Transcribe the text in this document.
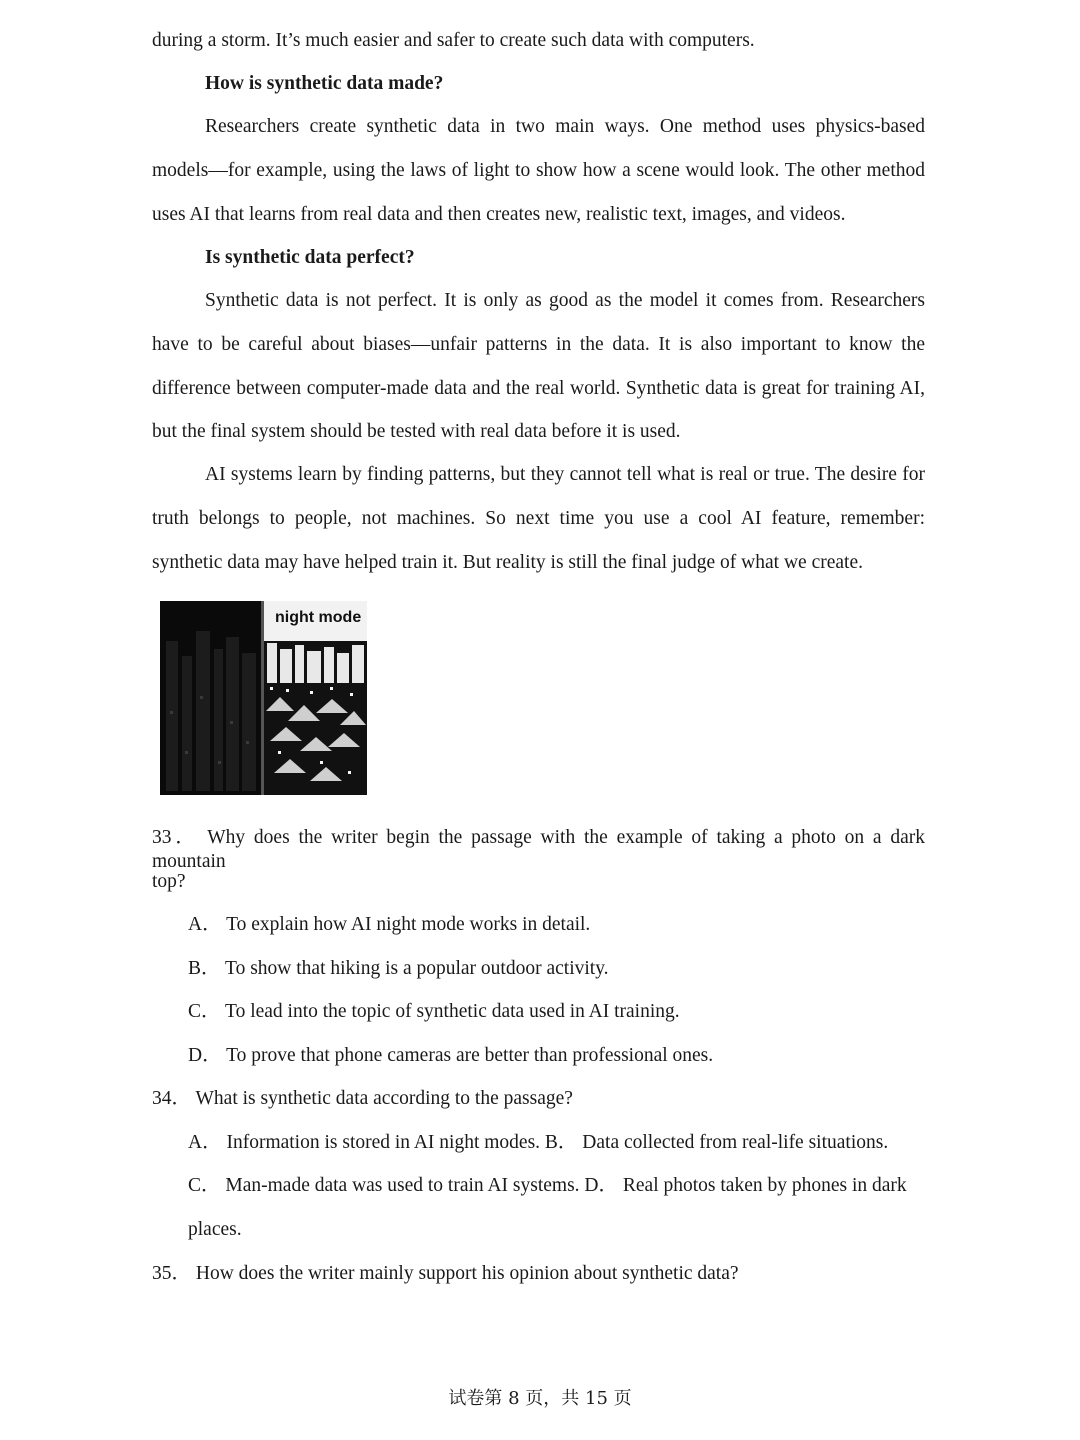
during a storm. It’s much easier and safer to create such data with computers.
How is synthetic data made?
Researchers create synthetic data in two main ways. One method uses physics-based
models—for example, using the laws of light to show how a scene would look. The other method
uses AI that learns from real data and then creates new, realistic text, images, and videos.
Is synthetic data perfect?
Synthetic data is not perfect. It is only as good as the model it comes from. Researchers
have to be careful about biases—unfair patterns in the data. It is also important to know the
difference between computer-made data and the real world. Synthetic data is great for training AI,
but the final system should be tested with real data before it is used.
AI systems learn by finding patterns, but they cannot tell what is real or true. The desire for
truth belongs to people, not machines. So next time you use a cool AI feature, remember:
synthetic data may have helped train it. But reality is still the final judge of what we create.
night mode
33． Why does the writer begin the passage with the example of taking a photo on a dark mountain
top?
A． To explain how AI night mode works in detail.
B． To show that hiking is a popular outdoor activity.
C． To lead into the topic of synthetic data used in AI training.
D． To prove that phone cameras are better than professional ones.
34． What is synthetic data according to the passage?
A． Information is stored in AI night modes. B． Data collected from real-life situations.
C． Man-made data was used to train AI systems. D． Real photos taken by phones in dark
places.
35． How does the writer mainly support his opinion about synthetic data?
试卷第 8 页，共 15 页
